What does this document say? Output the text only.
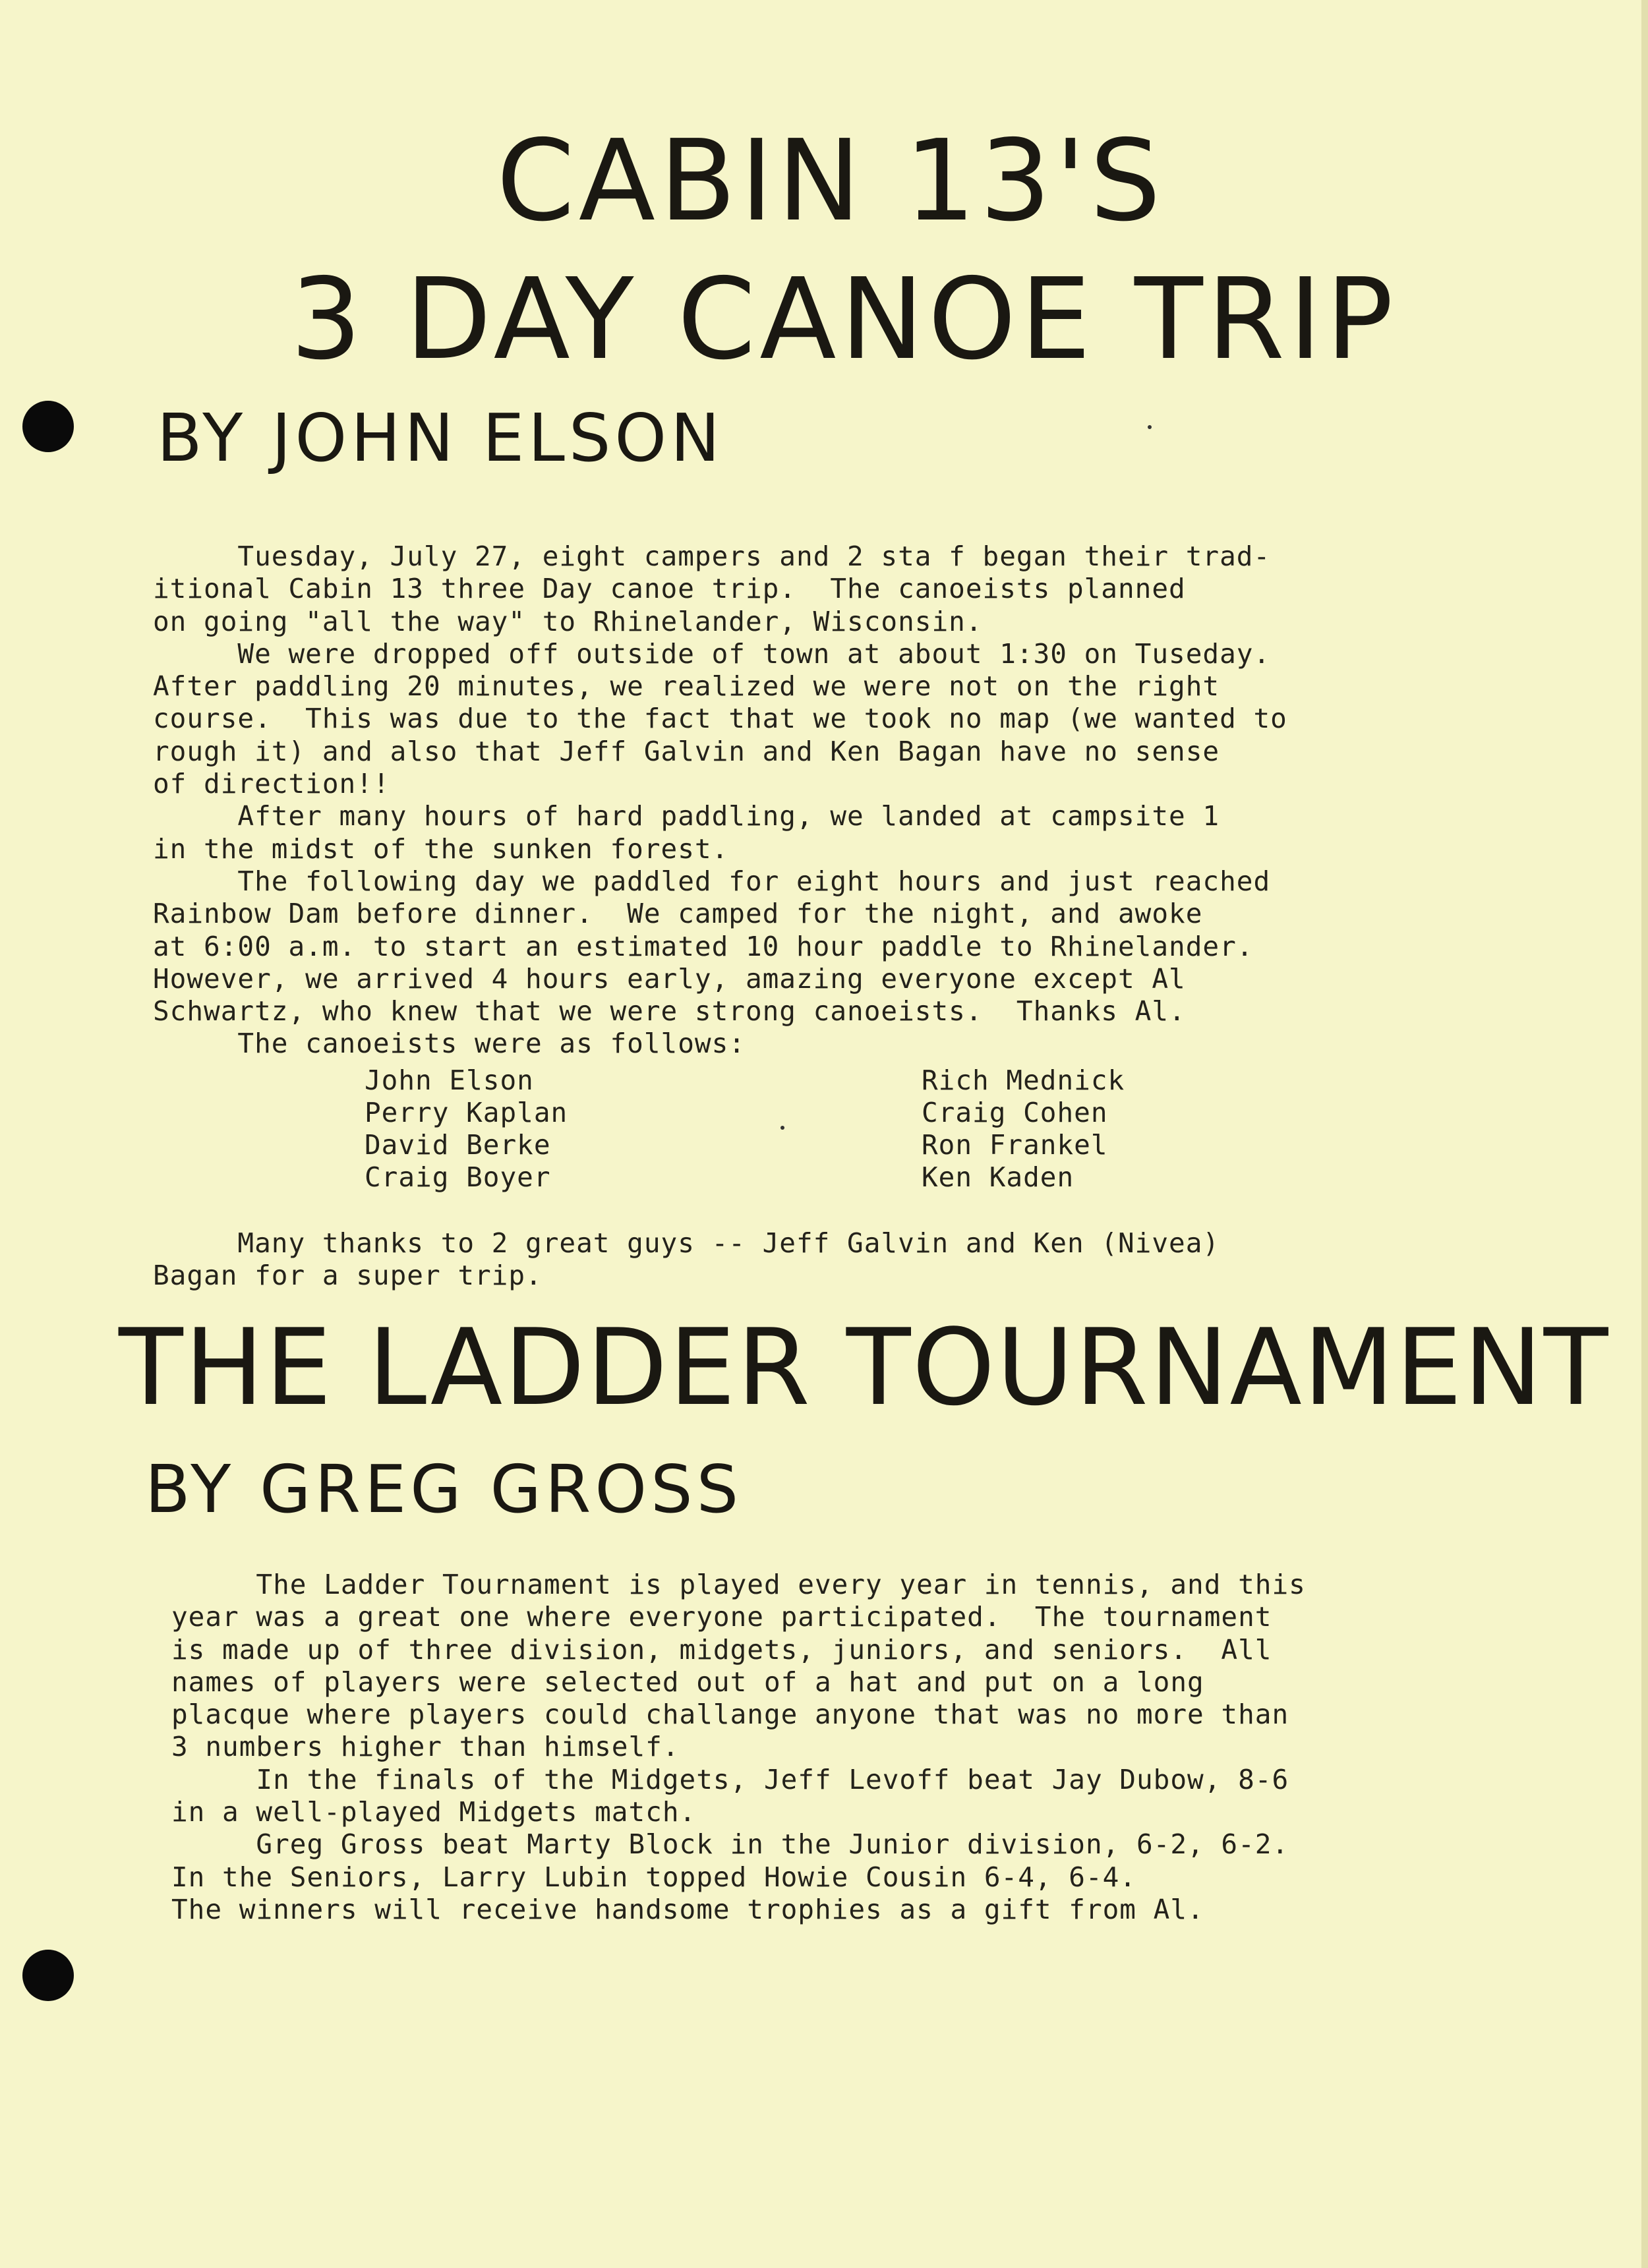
CABIN 13'S
3 DAY CANOE TRIP
BY JOHN ELSON

Tuesday, July 27, eight campers and 2 sta f began their trad-
itional Cabin 13 three Day canoe trip.  The canoeists planned
on going "all the way" to Rhinelander, Wisconsin.
We were dropped off outside of town at about 1:30 on Tuseday.
After paddling 20 minutes, we realized we were not on the right
course.  This was due to the fact that we took no map (we wanted to
rough it) and also that Jeff Galvin and Ken Bagan have no sense
of direction!!
After many hours of hard paddling, we landed at campsite 1
in the midst of the sunken forest.
The following day we paddled for eight hours and just reached
Rainbow Dam before dinner.  We camped for the night, and awoke
at 6:00 a.m. to start an estimated 10 hour paddle to Rhinelander.
However, we arrived 4 hours early, amazing everyone except Al
Schwartz, who knew that we were strong canoeists.  Thanks Al.
The canoeists were as follows:

John Elson
Perry Kaplan
David Berke
Craig Boyer
Rich Mednick
Craig Cohen
Ron Frankel
Ken Kaden

Many thanks to 2 great guys -- Jeff Galvin and Ken (Nivea)
Bagan for a super trip.

THE LADDER TOURNAMENT
BY GREG GROSS

The Ladder Tournament is played every year in tennis, and this
year was a great one where everyone participated.  The tournament
is made up of three division, midgets, juniors, and seniors.  All
names of players were selected out of a hat and put on a long
placque where players could challange anyone that was no more than
3 numbers higher than himself.
In the finals of the Midgets, Jeff Levoff beat Jay Dubow, 8-6
in a well-played Midgets match.
Greg Gross beat Marty Block in the Junior division, 6-2, 6-2.
In the Seniors, Larry Lubin topped Howie Cousin 6-4, 6-4.
The winners will receive handsome trophies as a gift from Al.
